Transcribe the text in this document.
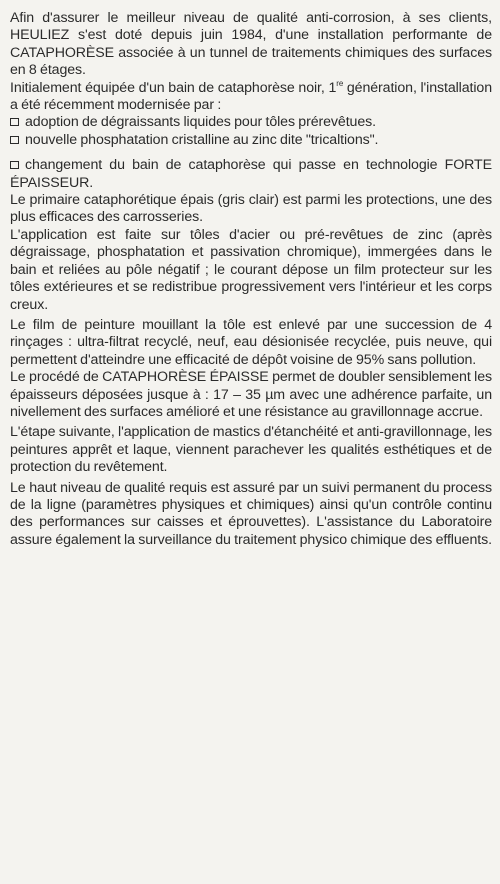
Afin d'assurer le meilleur niveau de qualité anti-corrosion, à ses clients, HEULIEZ s'est doté depuis juin 1984, d'une installation performante de CATAPHORÈSE associée à un tunnel de traitements chimiques des surfaces en 8 étages.

Initialement équipée d'un bain de cataphorèse noir, 1re génération, l'installation a été récemment modernisée par :
adoption de dégraissants liquides pour tôles prérevêtues.
nouvelle phosphatation cristalline au zinc dite "tricaltions".
changement du bain de cataphorèse qui passe en technologie FORTE ÉPAISSEUR.

Le primaire cataphorétique épais (gris clair) est parmi les protections, une des plus efficaces des carrosseries.

L'application est faite sur tôles d'acier ou pré-revêtues de zinc (après dégraissage, phosphatation et passivation chromique), immergées dans le bain et reliées au pôle négatif ; le courant dépose un film protecteur sur les tôles extérieures et se redistribue progressivement vers l'intérieur et les corps creux.

Le film de peinture mouillant la tôle est enlevé par une succession de 4 rinçages : ultra-filtrat recyclé, neuf, eau désionisée recyclée, puis neuve, qui permettent d'atteindre une efficacité de dépôt voisine de 95% sans pollution.

Le procédé de CATAPHORÈSE ÉPAISSE permet de doubler sensiblement les épaisseurs déposées jusque à : 17 – 35 µm avec une adhérence parfaite, un nivellement des surfaces amélioré et une résistance au gravillonnage accrue.

L'étape suivante, l'application de mastics d'étanchéité et anti-gravillonnage, les peintures apprêt et laque, viennent parachever les qualités esthétiques et de protection du revêtement.

Le haut niveau de qualité requis est assuré par un suivi permanent du process de la ligne (paramètres physiques et chimiques) ainsi qu'un contrôle continu des performances sur caisses et éprouvettes). L'assistance du Laboratoire assure également la surveillance du traitement physico chimique des effluents.
